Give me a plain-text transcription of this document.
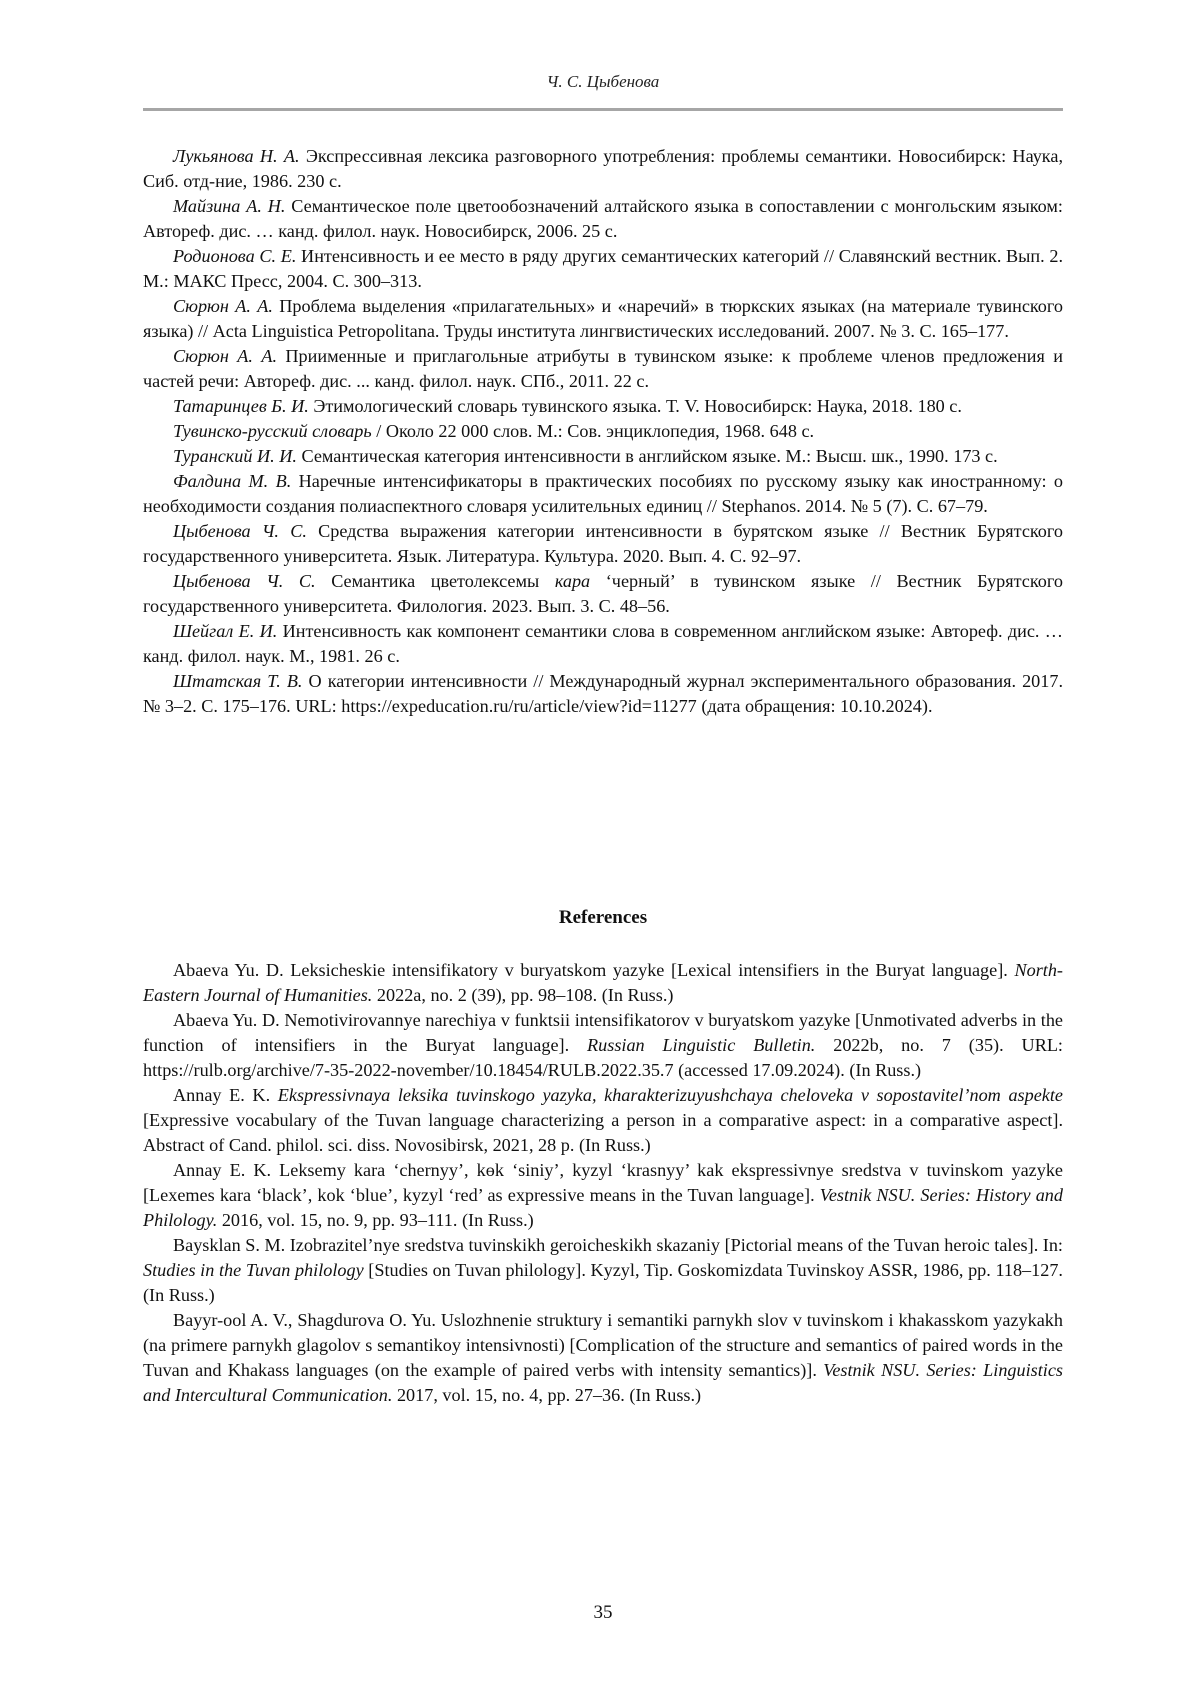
Ч. С. Цыбенова

Лукьянова Н. А. Экспрессивная лексика разговорного употребления: проблемы семантики. Новосибирск: Наука, Сиб. отд-ние, 1986. 230 с.

Майзина А. Н. Семантическое поле цветообозначений алтайского языка в сопоставлении с монгольским языком: Автореф. дис. … канд. филол. наук. Новосибирск, 2006. 25 с.

Родионова С. Е. Интенсивность и ее место в ряду других семантических категорий // Славянский вестник. Вып. 2. М.: МАКС Пресс, 2004. С. 300–313.

Сюрюн А. А. Проблема выделения «прилагательных» и «наречий» в тюркских языках (на материале тувинского языка) // Acta Linguistica Petropolitana. Труды института лингвистических исследований. 2007. № 3. С. 165–177.

Сюрюн А. А. Приименные и приглагольные атрибуты в тувинском языке: к проблеме членов предложения и частей речи: Автореф. дис. ... канд. филол. наук. СПб., 2011. 22 с.

Татаринцев Б. И. Этимологический словарь тувинского языка. Т. V. Новосибирск: Наука, 2018. 180 с.

Тувинско-русский словарь / Около 22 000 слов. М.: Сов. энциклопедия, 1968. 648 с.

Туранский И. И. Семантическая категория интенсивности в английском языке. М.: Высш. шк., 1990. 173 с.

Фалдина М. В. Наречные интенсификаторы в практических пособиях по русскому языку как иностранному: о необходимости создания полиаспектного словаря усилительных единиц // Stephanos. 2014. № 5 (7). С. 67–79.

Цыбенова Ч. С. Средства выражения категории интенсивности в бурятском языке // Вестник Бурятского государственного университета. Язык. Литература. Культура. 2020. Вып. 4. С. 92–97.

Цыбенова Ч. С. Семантика цветолексемы кара ‘черный’ в тувинском языке // Вестник Бурятского государственного университета. Филология. 2023. Вып. 3. С. 48–56.

Шейгал Е. И. Интенсивность как компонент семантики слова в современном английском языке: Автореф. дис. … канд. филол. наук. М., 1981. 26 с.

Штатская Т. В. О категории интенсивности // Международный журнал экспериментального образования. 2017. № 3–2. С. 175–176. URL: https://expeducation.ru/ru/article/view?id=11277 (дата обращения: 10.10.2024).

References

Abaeva Yu. D. Leksicheskie intensifikatory v buryatskom yazyke [Lexical intensifiers in the Buryat language]. North-Eastern Journal of Humanities. 2022a, no. 2 (39), pp. 98–108. (In Russ.)

Abaeva Yu. D. Nemotivirovannye narechiya v funktsii intensifikatorov v buryatskom yazyke [Unmotivated adverbs in the function of intensifiers in the Buryat language]. Russian Linguistic Bulletin. 2022b, no. 7 (35). URL: https://rulb.org/archive/7-35-2022-november/10.18454/RULB.2022.35.7 (accessed 17.09.2024). (In Russ.)

Annay E. K. Ekspressivnaya leksika tuvinskogo yazyka, kharakterizuyushchaya cheloveka v sopostavitel’nom aspekte [Expressive vocabulary of the Tuvan language characterizing a person in a comparative aspect: in a comparative aspect]. Abstract of Cand. philol. sci. diss. Novosibirsk, 2021, 28 p. (In Russ.)

Annay E. K. Leksemy kara ‘chernyy’, kөk ‘siniy’, kyzyl ‘krasnyy’ kak ekspressivnye sredstva v tuvinskom yazyke [Lexemes kara ‘black’, kok ‘blue’, kyzyl ‘red’ as expressive means in the Tuvan language]. Vestnik NSU. Series: History and Philology. 2016, vol. 15, no. 9, pp. 93–111. (In Russ.)

Baysklan S. M. Izobrazitel’nye sredstva tuvinskikh geroicheskikh skazaniy [Pictorial means of the Tuvan heroic tales]. In: Studies in the Tuvan philology [Studies on Tuvan philology]. Kyzyl, Tip. Goskomizdata Tuvinskoy ASSR, 1986, pp. 118–127. (In Russ.)

Bayyr-ool A. V., Shagdurova O. Yu. Uslozhnenie struktury i semantiki parnykh slov v tuvinskom i khakasskom yazykakh (na primere parnykh glagolov s semantikoy intensivnosti) [Complication of the structure and semantics of paired words in the Tuvan and Khakass languages (on the example of paired verbs with intensity semantics)]. Vestnik NSU. Series: Linguistics and Intercultural Communication. 2017, vol. 15, no. 4, pp. 27–36. (In Russ.)

35
